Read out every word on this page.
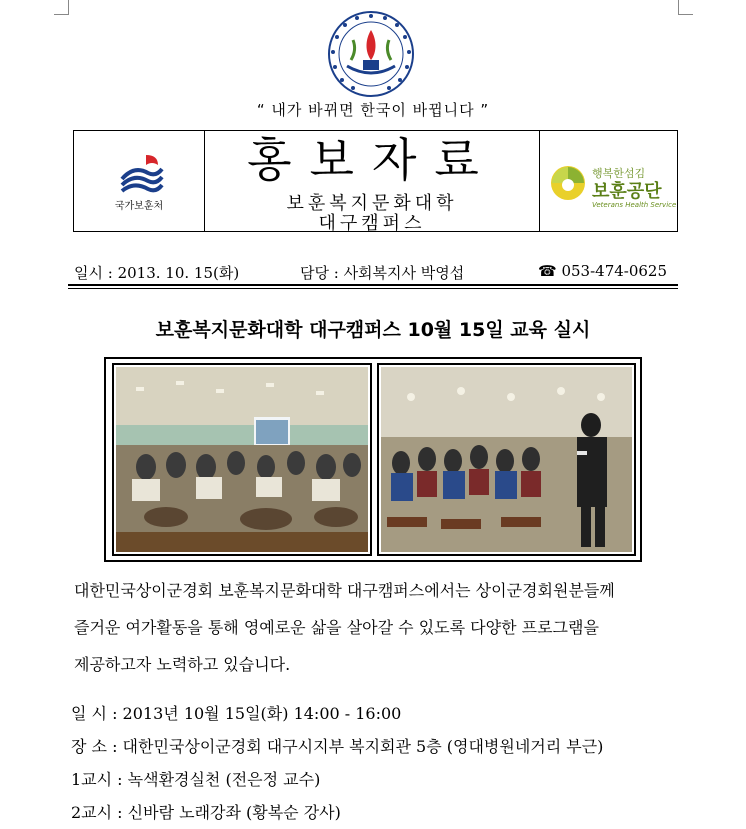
“ 내가 바뀌면 한국이 바뀝니다 ”
국가보훈처
홍보자료
보훈복지문화대학
대구캠퍼스
행복한섬김
보훈공단
Veterans Health Service
일시 : 2013. 10. 15(화)	담당 : 사회복지사 박영섭	☎ 053-474-0625
보훈복지문화대학 대구캠퍼스 10월 15일 교육 실시
대한민국상이군경회 보훈복지문화대학 대구캠퍼스에서는 상이군경회원분들께
즐거운 여가활동을 통해 영예로운 삶을 살아갈 수 있도록 다양한 프로그램을
제공하고자 노력하고 있습니다.
일 시 : 2013년 10월 15일(화) 14:00 - 16:00
장 소 : 대한민국상이군경회 대구시지부 복지회관 5층 (영대병원네거리 부근)
1교시 : 녹색환경실천 (전은정 교수)
2교시 : 신바람 노래강좌 (황복순 강사)
